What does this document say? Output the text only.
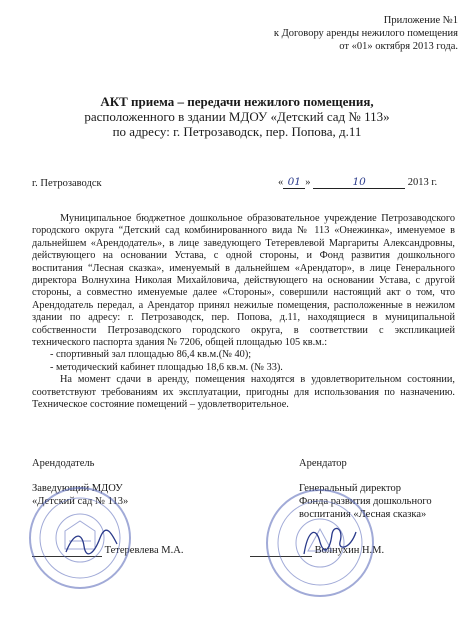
Приложение №1
к Договору аренды нежилого помещения
от «01» октября 2013 года.
АКТ приема – передачи нежилого помещения,
расположенного в здании МДОУ «Детский сад № 113»
по адресу: г. Петрозаводск, пер. Попова, д.11
г. Петрозаводск	« 01 »	10	2013 г.

Муниципальное бюджетное дошкольное образовательное учреждение Петрозаводского городского округа “Детский сад комбинированного вида № 113 «Онежинка», именуемое в дальнейшем «Арендодатель», в лице заведующего Тетеревлевой Маргариты Александровны, действующего на основании Устава, с одной стороны, и Фонд развития дошкольного воспитания “Лесная сказка», именуемый в дальнейшем «Арендатор», в лице Генерального директора Волнухина Николая Михайловича, действующего на основании Устава, с другой стороны, а совместно именуемые далее «Стороны», совершили настоящий акт о том, что Арендодатель передал, а Арендатор принял нежилые помещения, расположенные в нежилом здании по адресу: г. Петрозаводск, пер. Попова, д.11, находящиеся в муниципальной собственности Петрозаводского городского округа, в соответствии с экспликацией технического паспорта здания № 7206, общей площадью 105 кв.м.:

- спортивный зал площадью 86,4 кв.м.(№ 40);

- методический кабинет площадью 18,6 кв.м. (№ 33).

На момент сдачи в аренду, помещения находятся в удовлетворительном состоянии, соответствуют требованиям их эксплуатации, пригодны для использования по назначению. Техническое состояние помещений – удовлетворительное.

Арендодатель
Заведующий МДОУ
«Детский сад № 113»
Тетеревлева М.А.
Арендатор
Генеральный директор
Фонда развития дошкольного
воспитания «Лесная сказка»
Волнухин Н.М.
